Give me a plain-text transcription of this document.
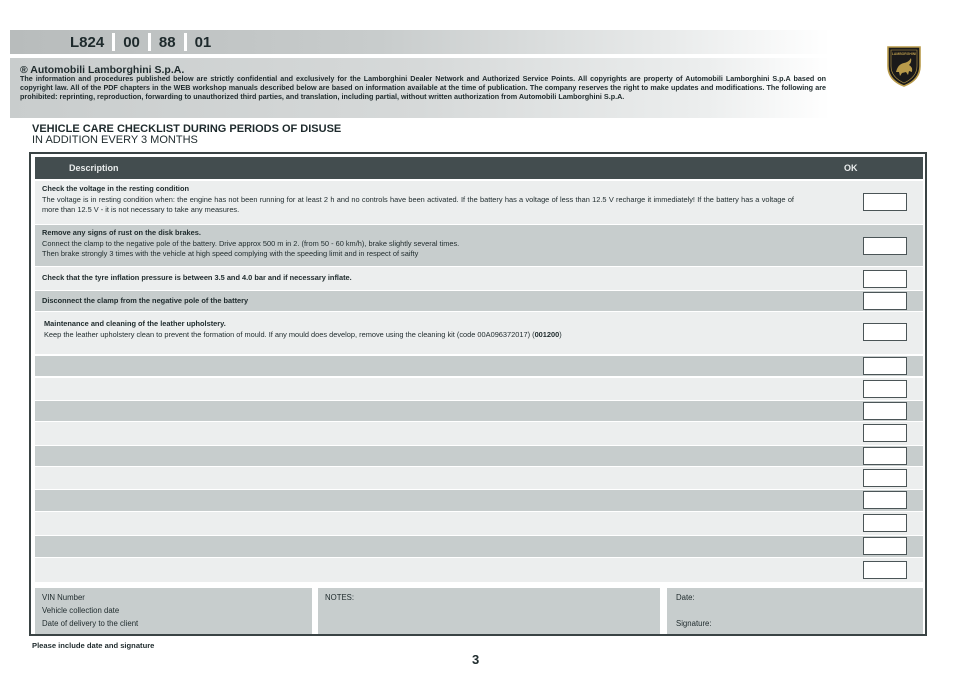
L824	00	88	01
® Automobili Lamborghini S.p.A.
The information and procedures published below are strictly confidential and exclusively for the Lamborghini Dealer Network and Authorized Service Points. All copyrights are property of Automobili Lamborghini S.p.A based on copyright law. All of the PDF chapters in the WEB workshop manuals described below are based on information available at the time of publication. The company reserves the right to make updates and modifications. The following are prohibited: reprinting, reproduction, forwarding to unauthorized third parties, and translation, including partial, without written authorization from Automobili Lamborghini S.p.A.
LAMBORGHINI
VEHICLE CARE CHECKLIST DURING PERIODS OF DISUSE
IN ADDITION EVERY 3 MONTHS
Description	OK
Check the voltage in the resting condition
The voltage is in resting condition when: the engine has not been running for at least 2 h and no controls have been activated. If the battery has a voltage of less than 12.5 V recharge it immediately! If the battery has a voltage of more than 12.5 V - it is not necessary to take any measures.
Remove any signs of rust on the disk brakes.
Connect the clamp to the negative pole of the battery. Drive approx 500 m in 2. (from 50 - 60 km/h), brake slightly several times.
Then brake strongly 3 times with the vehicle at high speed complying with the speeding limit and in respect of saifty
Check that the tyre inflation pressure is between 3.5 and 4.0 bar and if necessary inflate.
Disconnect the clamp from the negative pole of the battery
Maintenance and cleaning of the leather upholstery.
Keep the leather upholstery clean to prevent the formation of mould. If any mould does develop, remove using the cleaning kit (code 00A096372017) (001200)
VIN Number
Vehicle collection date
Date of delivery to the client
NOTES:	Date:
Signature:
Please include date and signature
3
